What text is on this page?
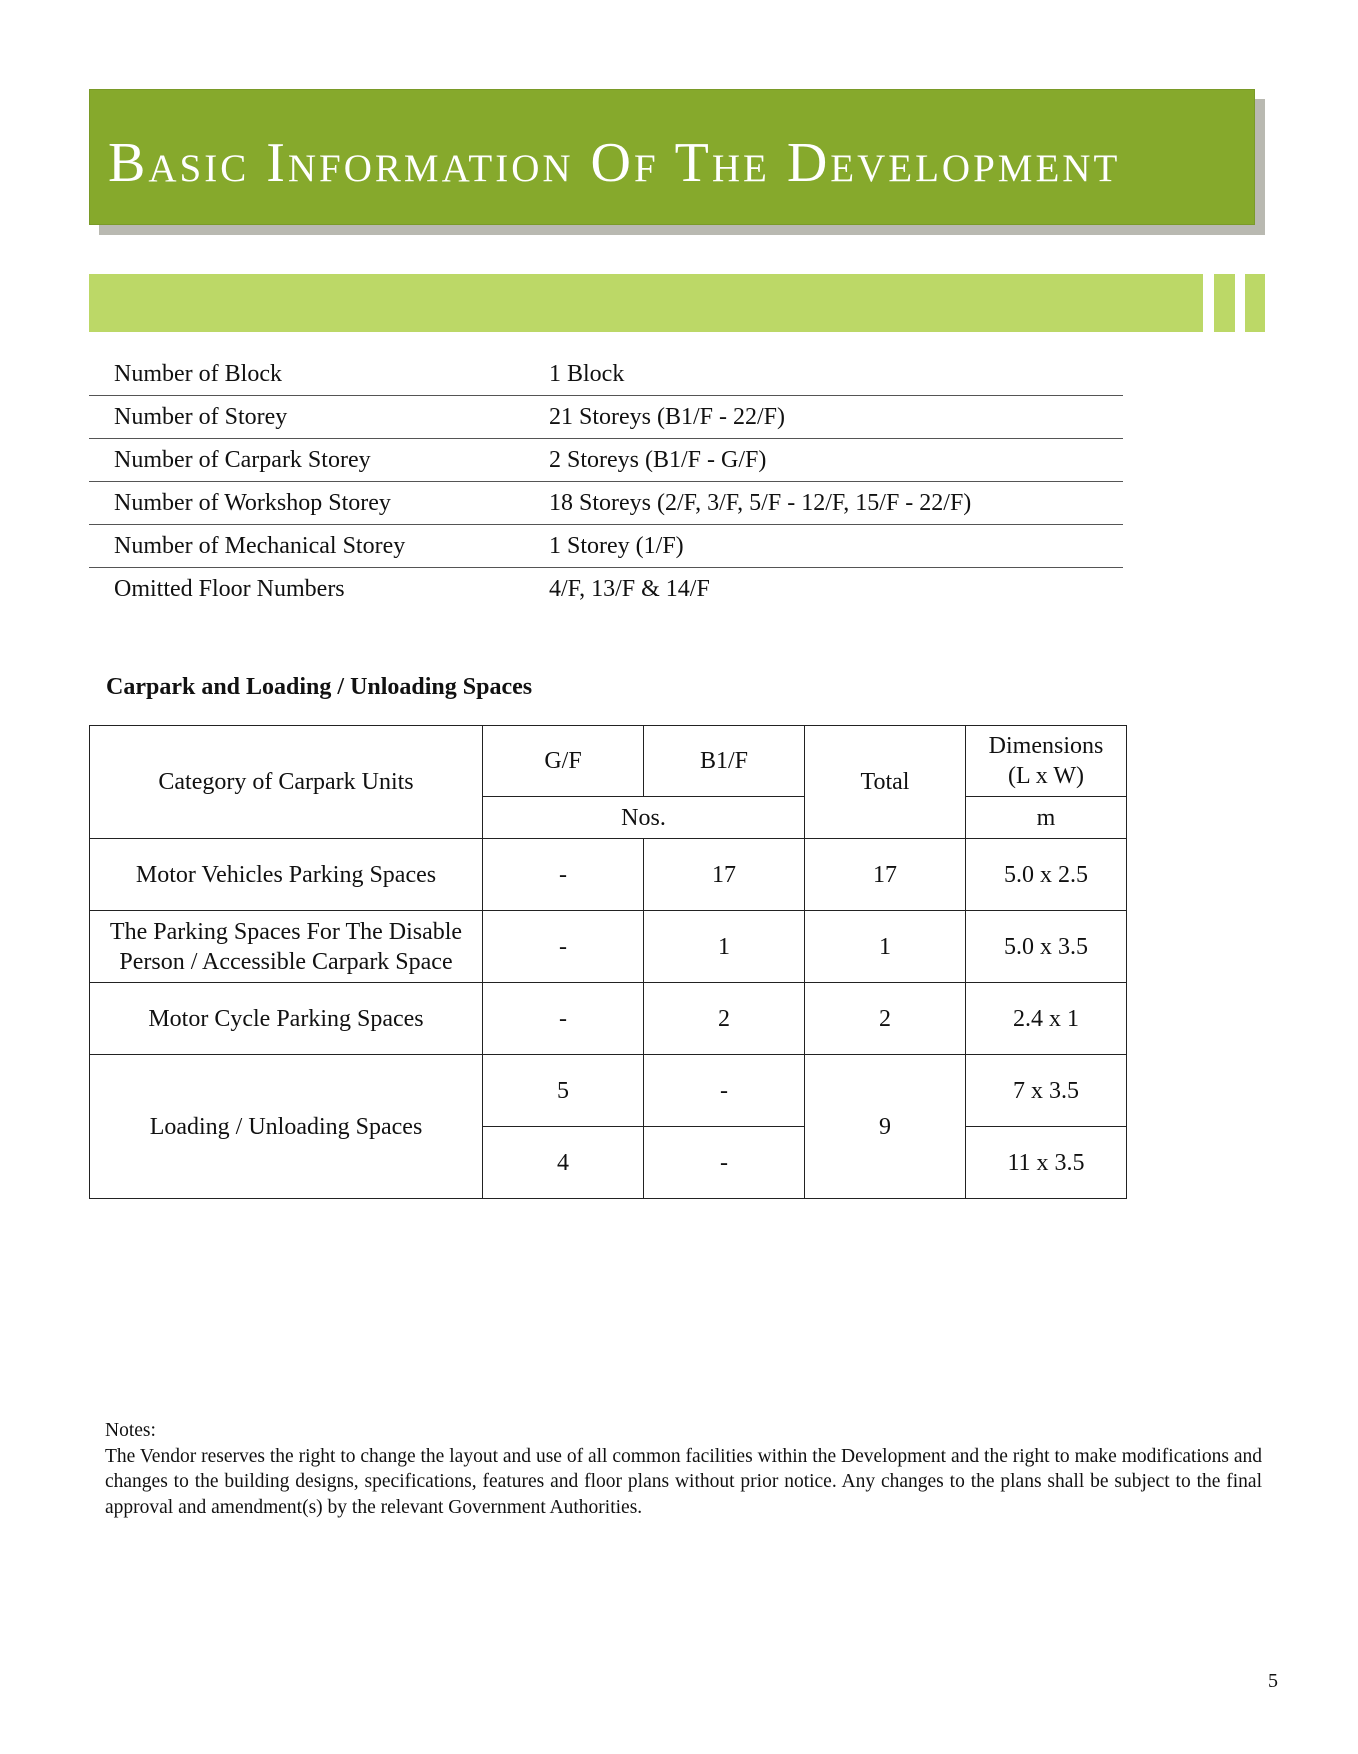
Basic Information Of The Development
Number of Block	1 Block
Number of Storey	21 Storeys (B1/F - 22/F)
Number of Carpark Storey	2 Storeys (B1/F - G/F)
Number of Workshop Storey	18 Storeys (2/F, 3/F, 5/F - 12/F, 15/F - 22/F)
Number of Mechanical Storey	1 Storey (1/F)
Omitted Floor Numbers	4/F, 13/F & 14/F
Carpark and Loading / Unloading Spaces
Category of Carpark Units	G/F	B1/F	Total	Dimensions
(L x W)

	Nos.			m
Motor Vehicles Parking Spaces	-	17	17	5.0 x 2.5

The Parking Spaces For The Disable
Person / Accessible Carpark Space	-	1	1	5.0 x 3.5
Motor Cycle Parking Spaces	-	2	2	2.4 x 1
Loading / Unloading Spaces	5	-	9	7 x 3.5
	4	-		11 x 3.5

Notes:

The Vendor reserves the right to change the layout and use of all common facilities within the Development and the right to make modifications and changes to the building designs, specifications, features and floor plans without prior notice. Any changes to the plans shall be subject to the final approval and amendment(s) by the relevant Government Authorities.

5
